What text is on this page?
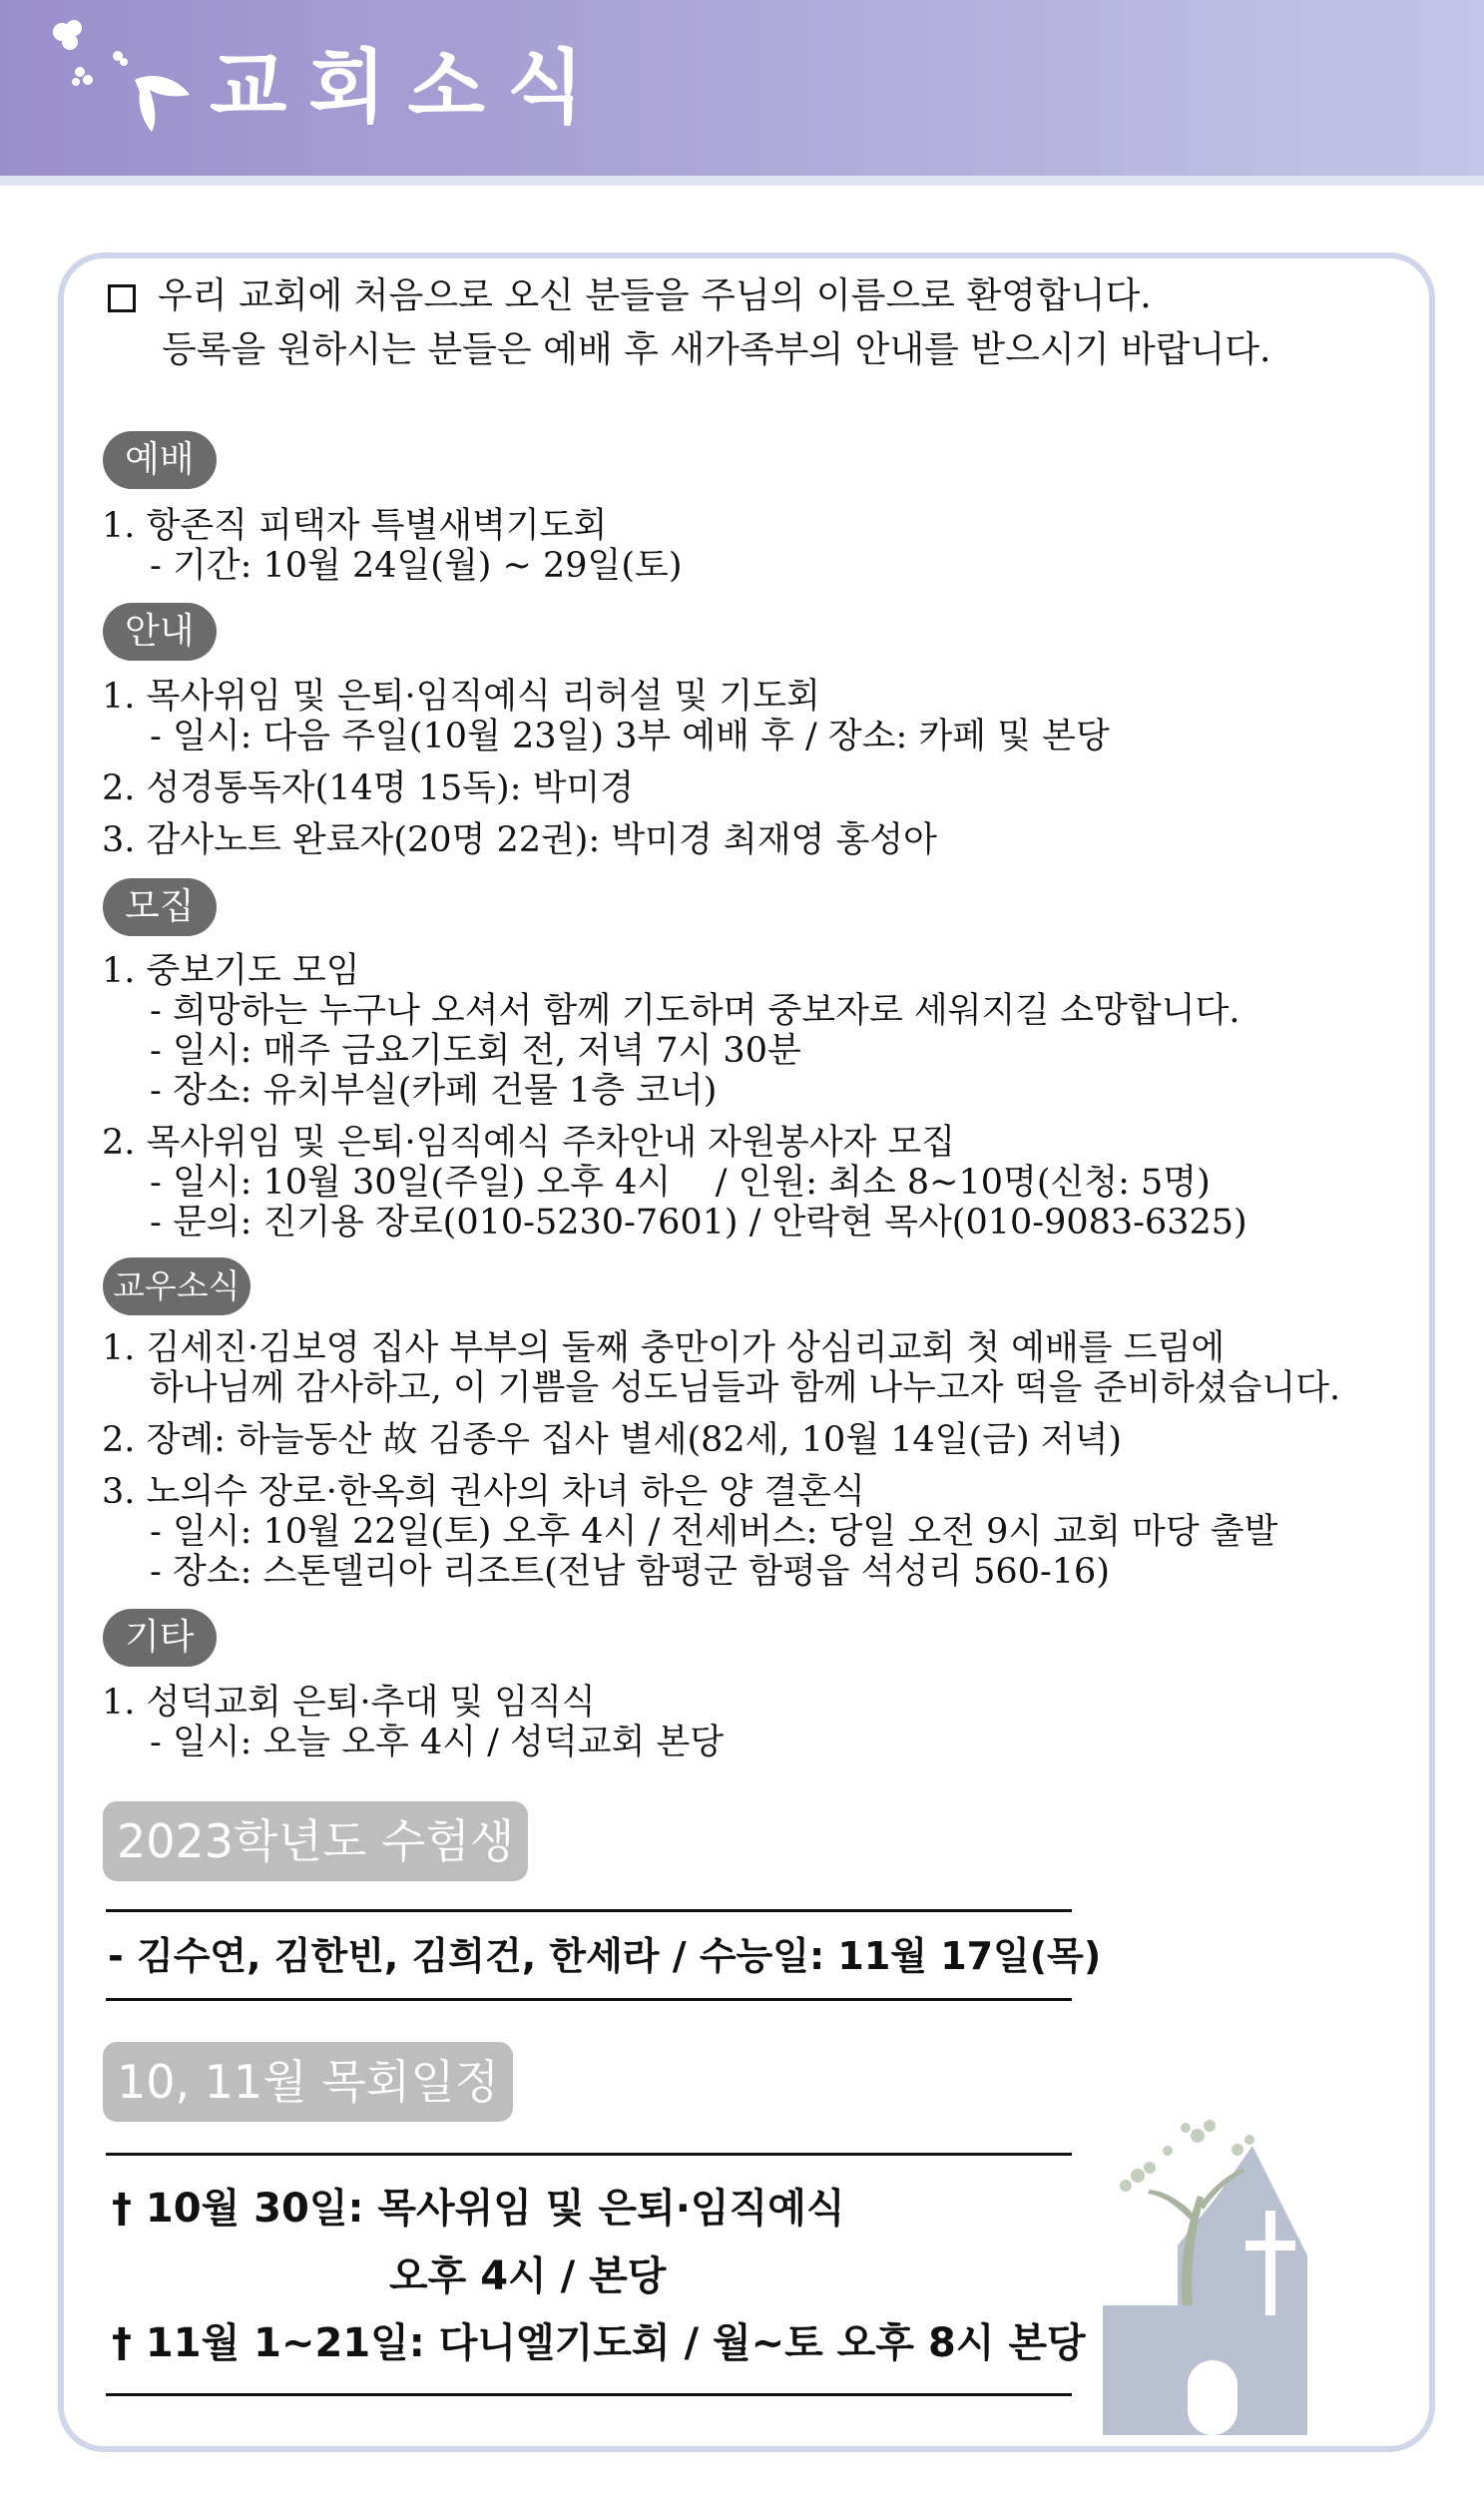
교회소식
우리 교회에 처음으로 오신 분들을 주님의 이름으로 환영합니다.
등록을 원하시는 분들은 예배 후 새가족부의 안내를 받으시기 바랍니다.
예배
1. 항존직 피택자 특별새벽기도회
- 기간: 10월 24일(월) ~ 29일(토)
안내
1. 목사위임 및 은퇴·임직예식 리허설 및 기도회
- 일시: 다음 주일(10월 23일) 3부 예배 후 / 장소: 카페 및 본당
2. 성경통독자(14명 15독): 박미경
3. 감사노트 완료자(20명 22권): 박미경 최재영 홍성아
모집
1. 중보기도 모임
- 희망하는 누구나 오셔서 함께 기도하며 중보자로 세워지길 소망합니다.
- 일시: 매주 금요기도회 전, 저녁 7시 30분
- 장소: 유치부실(카페 건물 1층 코너)
2. 목사위임 및 은퇴·임직예식 주차안내 자원봉사자 모집
- 일시: 10월 30일(주일) 오후 4시    / 인원: 최소 8~10명(신청: 5명)
- 문의: 진기용 장로(010-5230-7601) / 안락현 목사(010-9083-6325)
교우소식
1. 김세진·김보영 집사 부부의 둘째 충만이가 상심리교회 첫 예배를 드림에
하나님께 감사하고, 이 기쁨을 성도님들과 함께 나누고자 떡을 준비하셨습니다.
2. 장례: 하늘동산 故 김종우 집사 별세(82세, 10월 14일(금) 저녁)
3. 노의수 장로·한옥희 권사의 차녀 하은 양 결혼식
- 일시: 10월 22일(토) 오후 4시 / 전세버스: 당일 오전 9시 교회 마당 출발
- 장소: 스톤델리아 리조트(전남 함평군 함평읍 석성리 560-16)
기타
1. 성덕교회 은퇴·추대 및 임직식
- 일시: 오늘 오후 4시 / 성덕교회 본당
2023학년도 수험생
- 김수연, 김한빈, 김희건, 한세라 / 수능일: 11월 17일(목)
10, 11월 목회일정
† 10월 30일: 목사위임 및 은퇴·임직예식
오후 4시 / 본당
† 11월 1~21일: 다니엘기도회 / 월~토 오후 8시 본당
